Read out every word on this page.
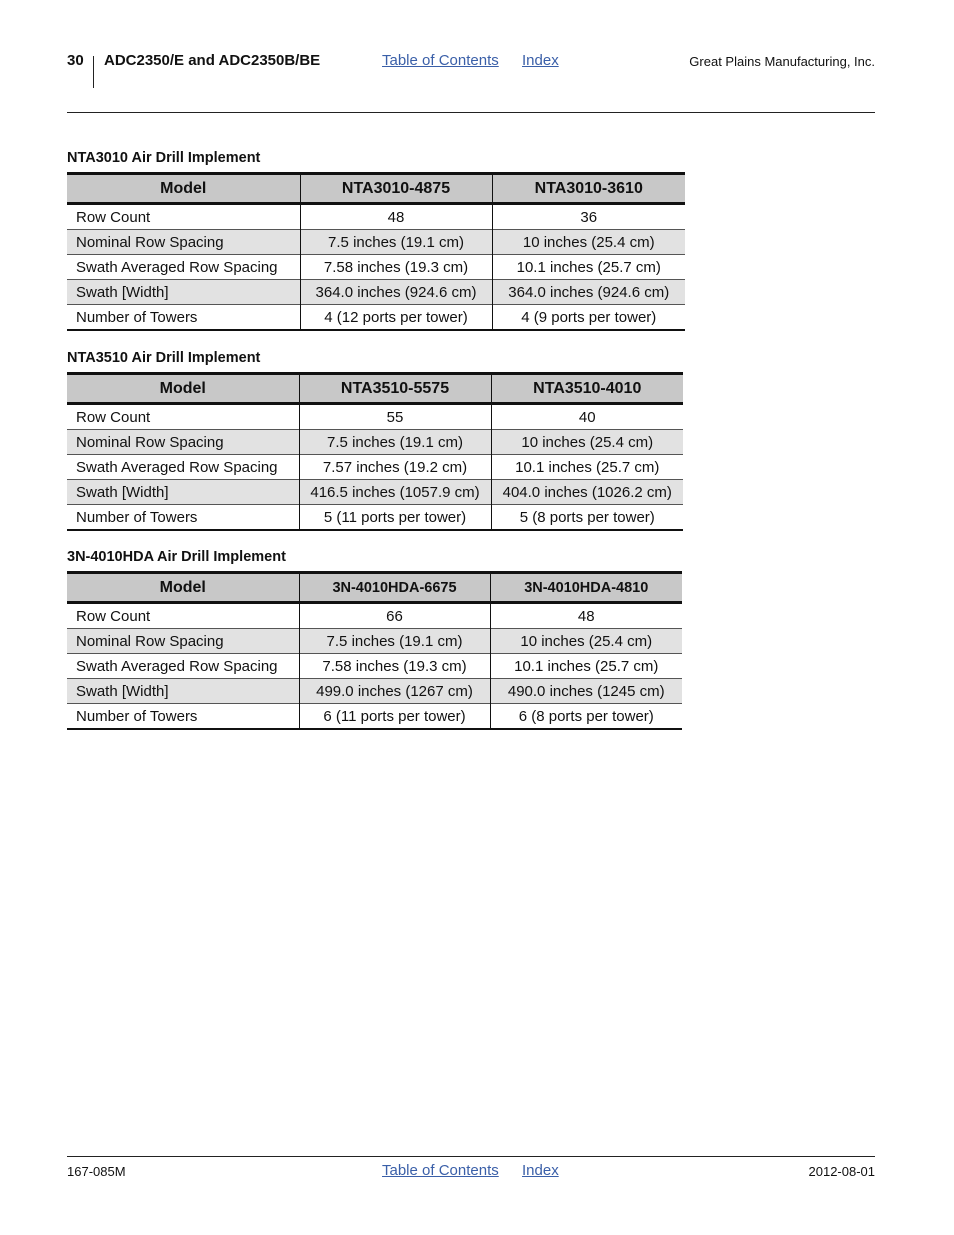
30 ADC2350/E and ADC2350B/BE	Table of Contents Index	Great Plains Manufacturing, Inc.
NTA3010 Air Drill Implement
Model	NTA3010-4875	NTA3010-3610
Row Count	48	36
Nominal Row Spacing	7.5 inches (19.1 cm)	10 inches (25.4 cm)
Swath Averaged Row Spacing	7.58 inches (19.3 cm)	10.1 inches (25.7 cm)
Swath [Width]	364.0 inches (924.6 cm)	364.0 inches (924.6 cm)
Number of Towers	4 (12 ports per tower)	4 (9 ports per tower)
NTA3510 Air Drill Implement
Model	NTA3510-5575	NTA3510-4010
Row Count	55	40
Nominal Row Spacing	7.5 inches (19.1 cm)	10 inches (25.4 cm)
Swath Averaged Row Spacing	7.57 inches (19.2 cm)	10.1 inches (25.7 cm)
Swath [Width]	416.5 inches (1057.9 cm)	404.0 inches (1026.2 cm)
Number of Towers	5 (11 ports per tower)	5 (8 ports per tower)
3N-4010HDA Air Drill Implement
Model	3N-4010HDA-6675	3N-4010HDA-4810
Row Count	66	48
Nominal Row Spacing	7.5 inches (19.1 cm)	10 inches (25.4 cm)
Swath Averaged Row Spacing	7.58 inches (19.3 cm)	10.1 inches (25.7 cm)
Swath [Width]	499.0 inches (1267 cm)	490.0 inches (1245 cm)
Number of Towers	6 (11 ports per tower)	6 (8 ports per tower)
167-085M	Table of Contents Index	2012-08-01
